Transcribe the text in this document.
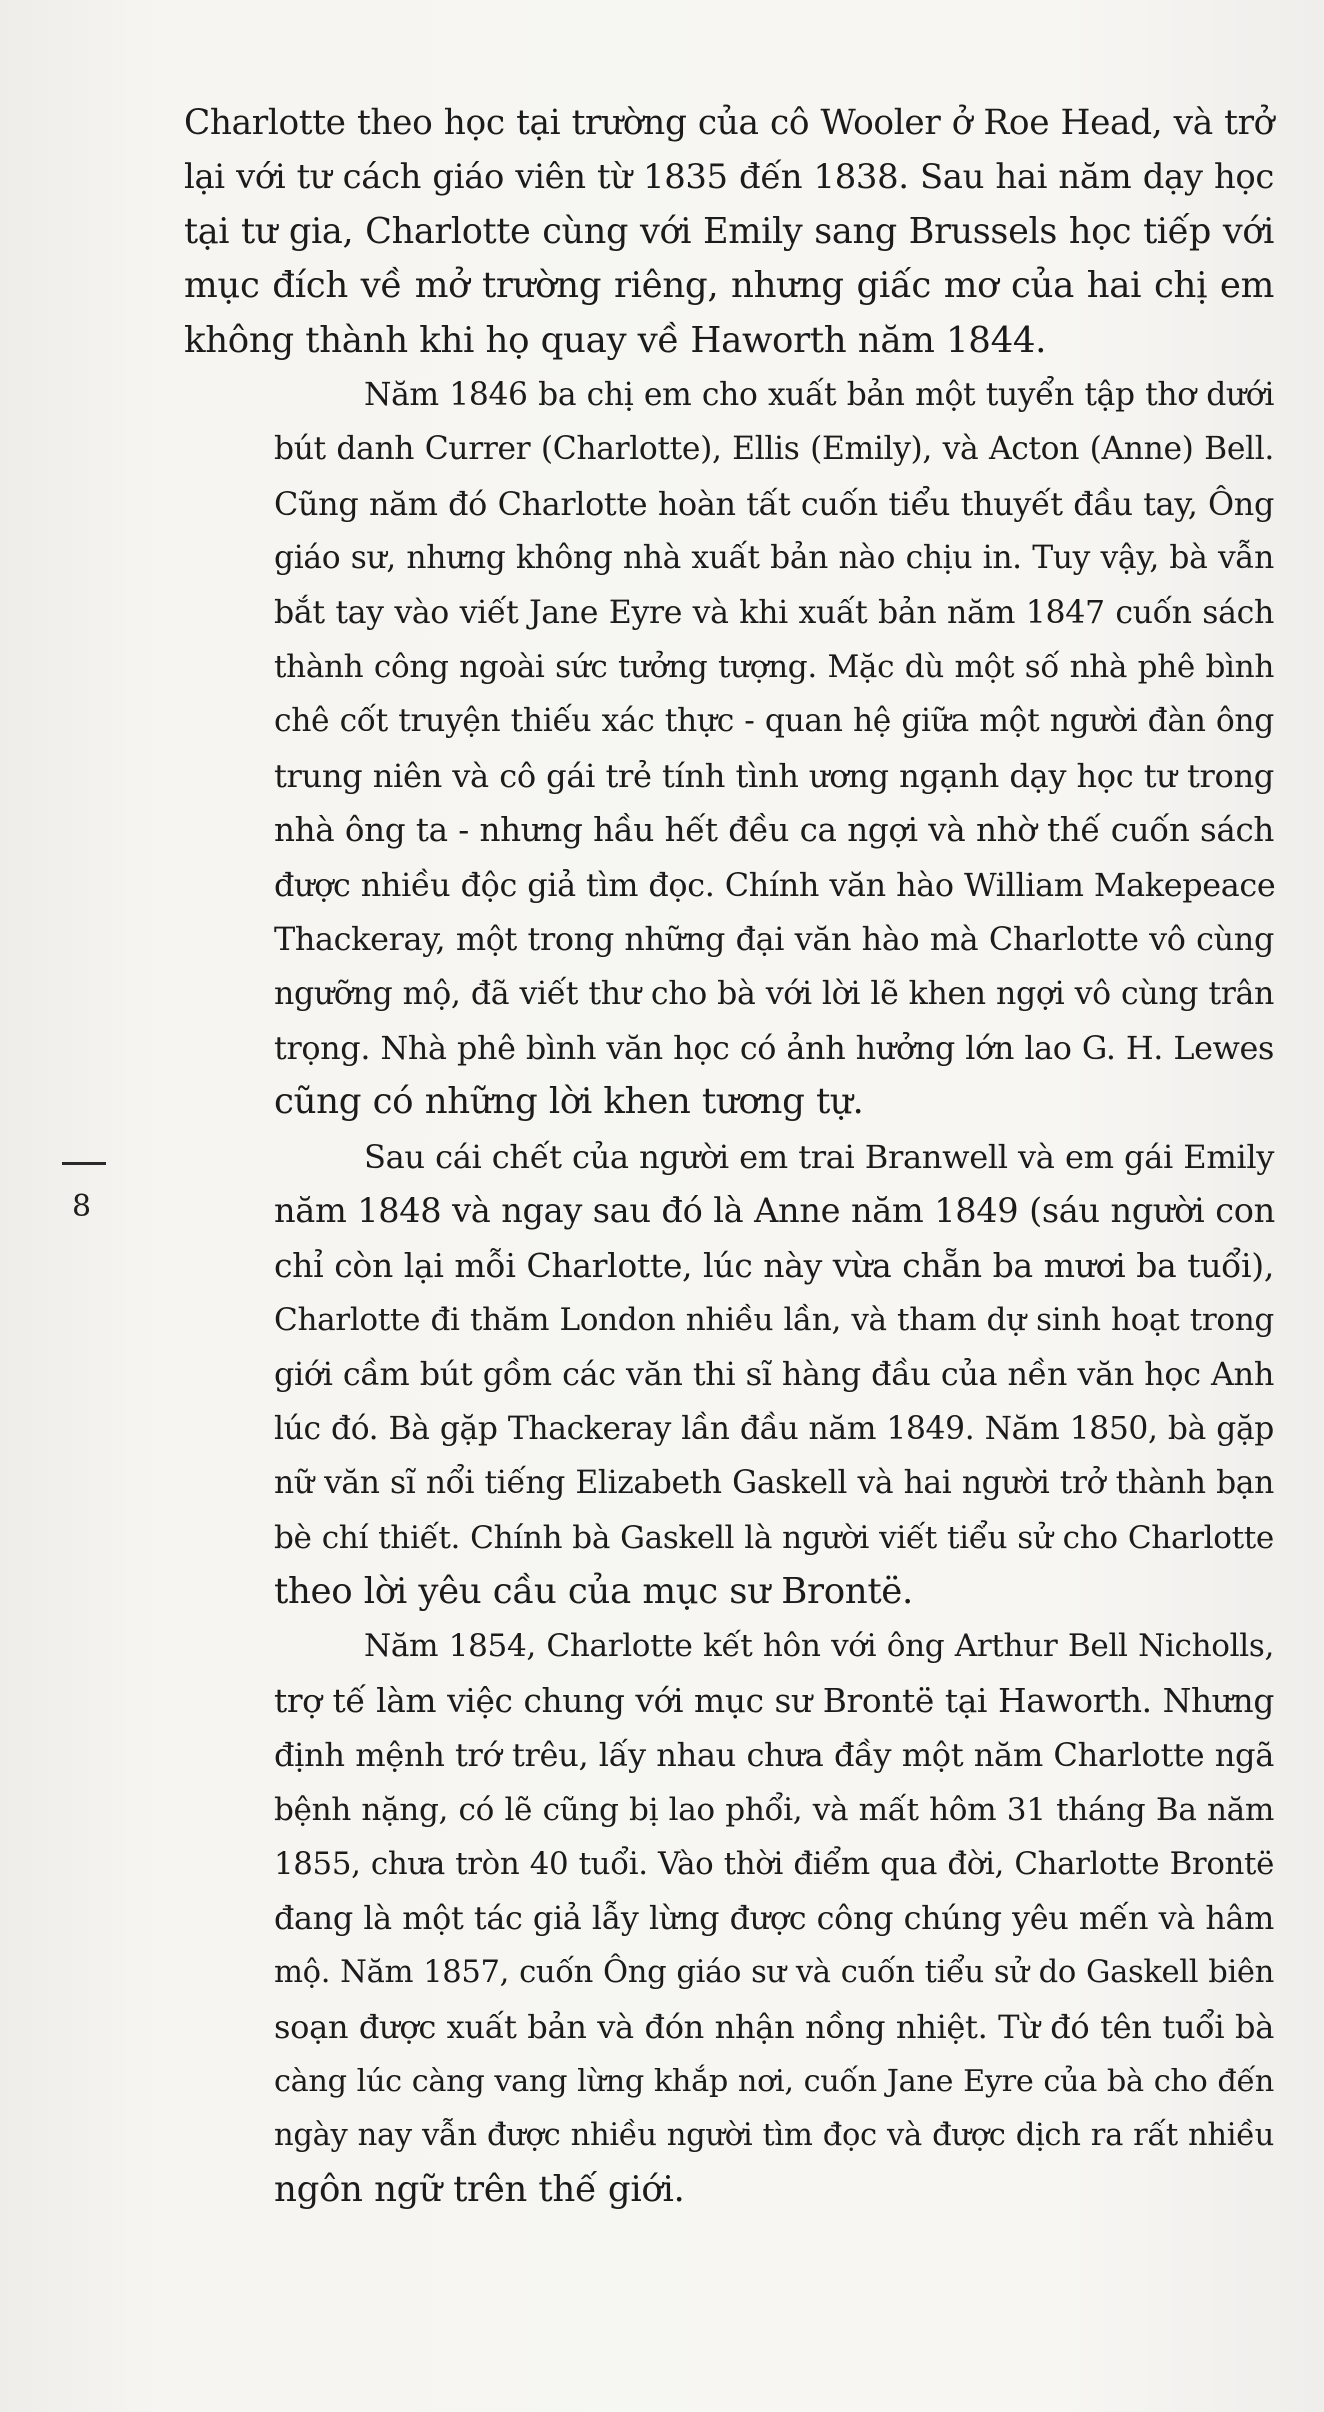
8
Charlotte theo học tại trường của cô Wooler ở Roe Head, và trở
lại với tư cách giáo viên từ 1835 đến 1838. Sau hai năm dạy học
tại tư gia, Charlotte cùng với Emily sang Brussels học tiếp với
mục đích về mở trường riêng, nhưng giấc mơ của hai chị em
không thành khi họ quay về Haworth năm 1844.
Năm 1846 ba chị em cho xuất bản một tuyển tập thơ dưới
bút danh Currer (Charlotte), Ellis (Emily), và Acton (Anne) Bell.
Cũng năm đó Charlotte hoàn tất cuốn tiểu thuyết đầu tay, Ông
giáo sư, nhưng không nhà xuất bản nào chịu in. Tuy vậy, bà vẫn
bắt tay vào viết Jane Eyre và khi xuất bản năm 1847 cuốn sách
thành công ngoài sức tưởng tượng. Mặc dù một số nhà phê bình
chê cốt truyện thiếu xác thực - quan hệ giữa một người đàn ông
trung niên và cô gái trẻ tính tình ương ngạnh dạy học tư trong
nhà ông ta - nhưng hầu hết đều ca ngợi và nhờ thế cuốn sách
được nhiều độc giả tìm đọc. Chính văn hào William Makepeace
Thackeray, một trong những đại văn hào mà Charlotte vô cùng
ngưỡng mộ, đã viết thư cho bà với lời lẽ khen ngợi vô cùng trân
trọng. Nhà phê bình văn học có ảnh hưởng lớn lao G. H. Lewes
cũng có những lời khen tương tự.
Sau cái chết của người em trai Branwell và em gái Emily
năm 1848 và ngay sau đó là Anne năm 1849 (sáu người con
chỉ còn lại mỗi Charlotte, lúc này vừa chẵn ba mươi ba tuổi),
Charlotte đi thăm London nhiều lần, và tham dự sinh hoạt trong
giới cầm bút gồm các văn thi sĩ hàng đầu của nền văn học Anh
lúc đó. Bà gặp Thackeray lần đầu năm 1849. Năm 1850, bà gặp
nữ văn sĩ nổi tiếng Elizabeth Gaskell và hai người trở thành bạn
bè chí thiết. Chính bà Gaskell là người viết tiểu sử cho Charlotte
theo lời yêu cầu của mục sư Brontë.
Năm 1854, Charlotte kết hôn với ông Arthur Bell Nicholls,
trợ tế làm việc chung với mục sư Brontë tại Haworth. Nhưng
định mệnh trớ trêu, lấy nhau chưa đầy một năm Charlotte ngã
bệnh nặng, có lẽ cũng bị lao phổi, và mất hôm 31 tháng Ba năm
1855, chưa tròn 40 tuổi. Vào thời điểm qua đời, Charlotte Brontë
đang là một tác giả lẫy lừng được công chúng yêu mến và hâm
mộ. Năm 1857, cuốn Ông giáo sư và cuốn tiểu sử do Gaskell biên
soạn được xuất bản và đón nhận nồng nhiệt. Từ đó tên tuổi bà
càng lúc càng vang lừng khắp nơi, cuốn Jane Eyre của bà cho đến
ngày nay vẫn được nhiều người tìm đọc và được dịch ra rất nhiều
ngôn ngữ trên thế giới.
